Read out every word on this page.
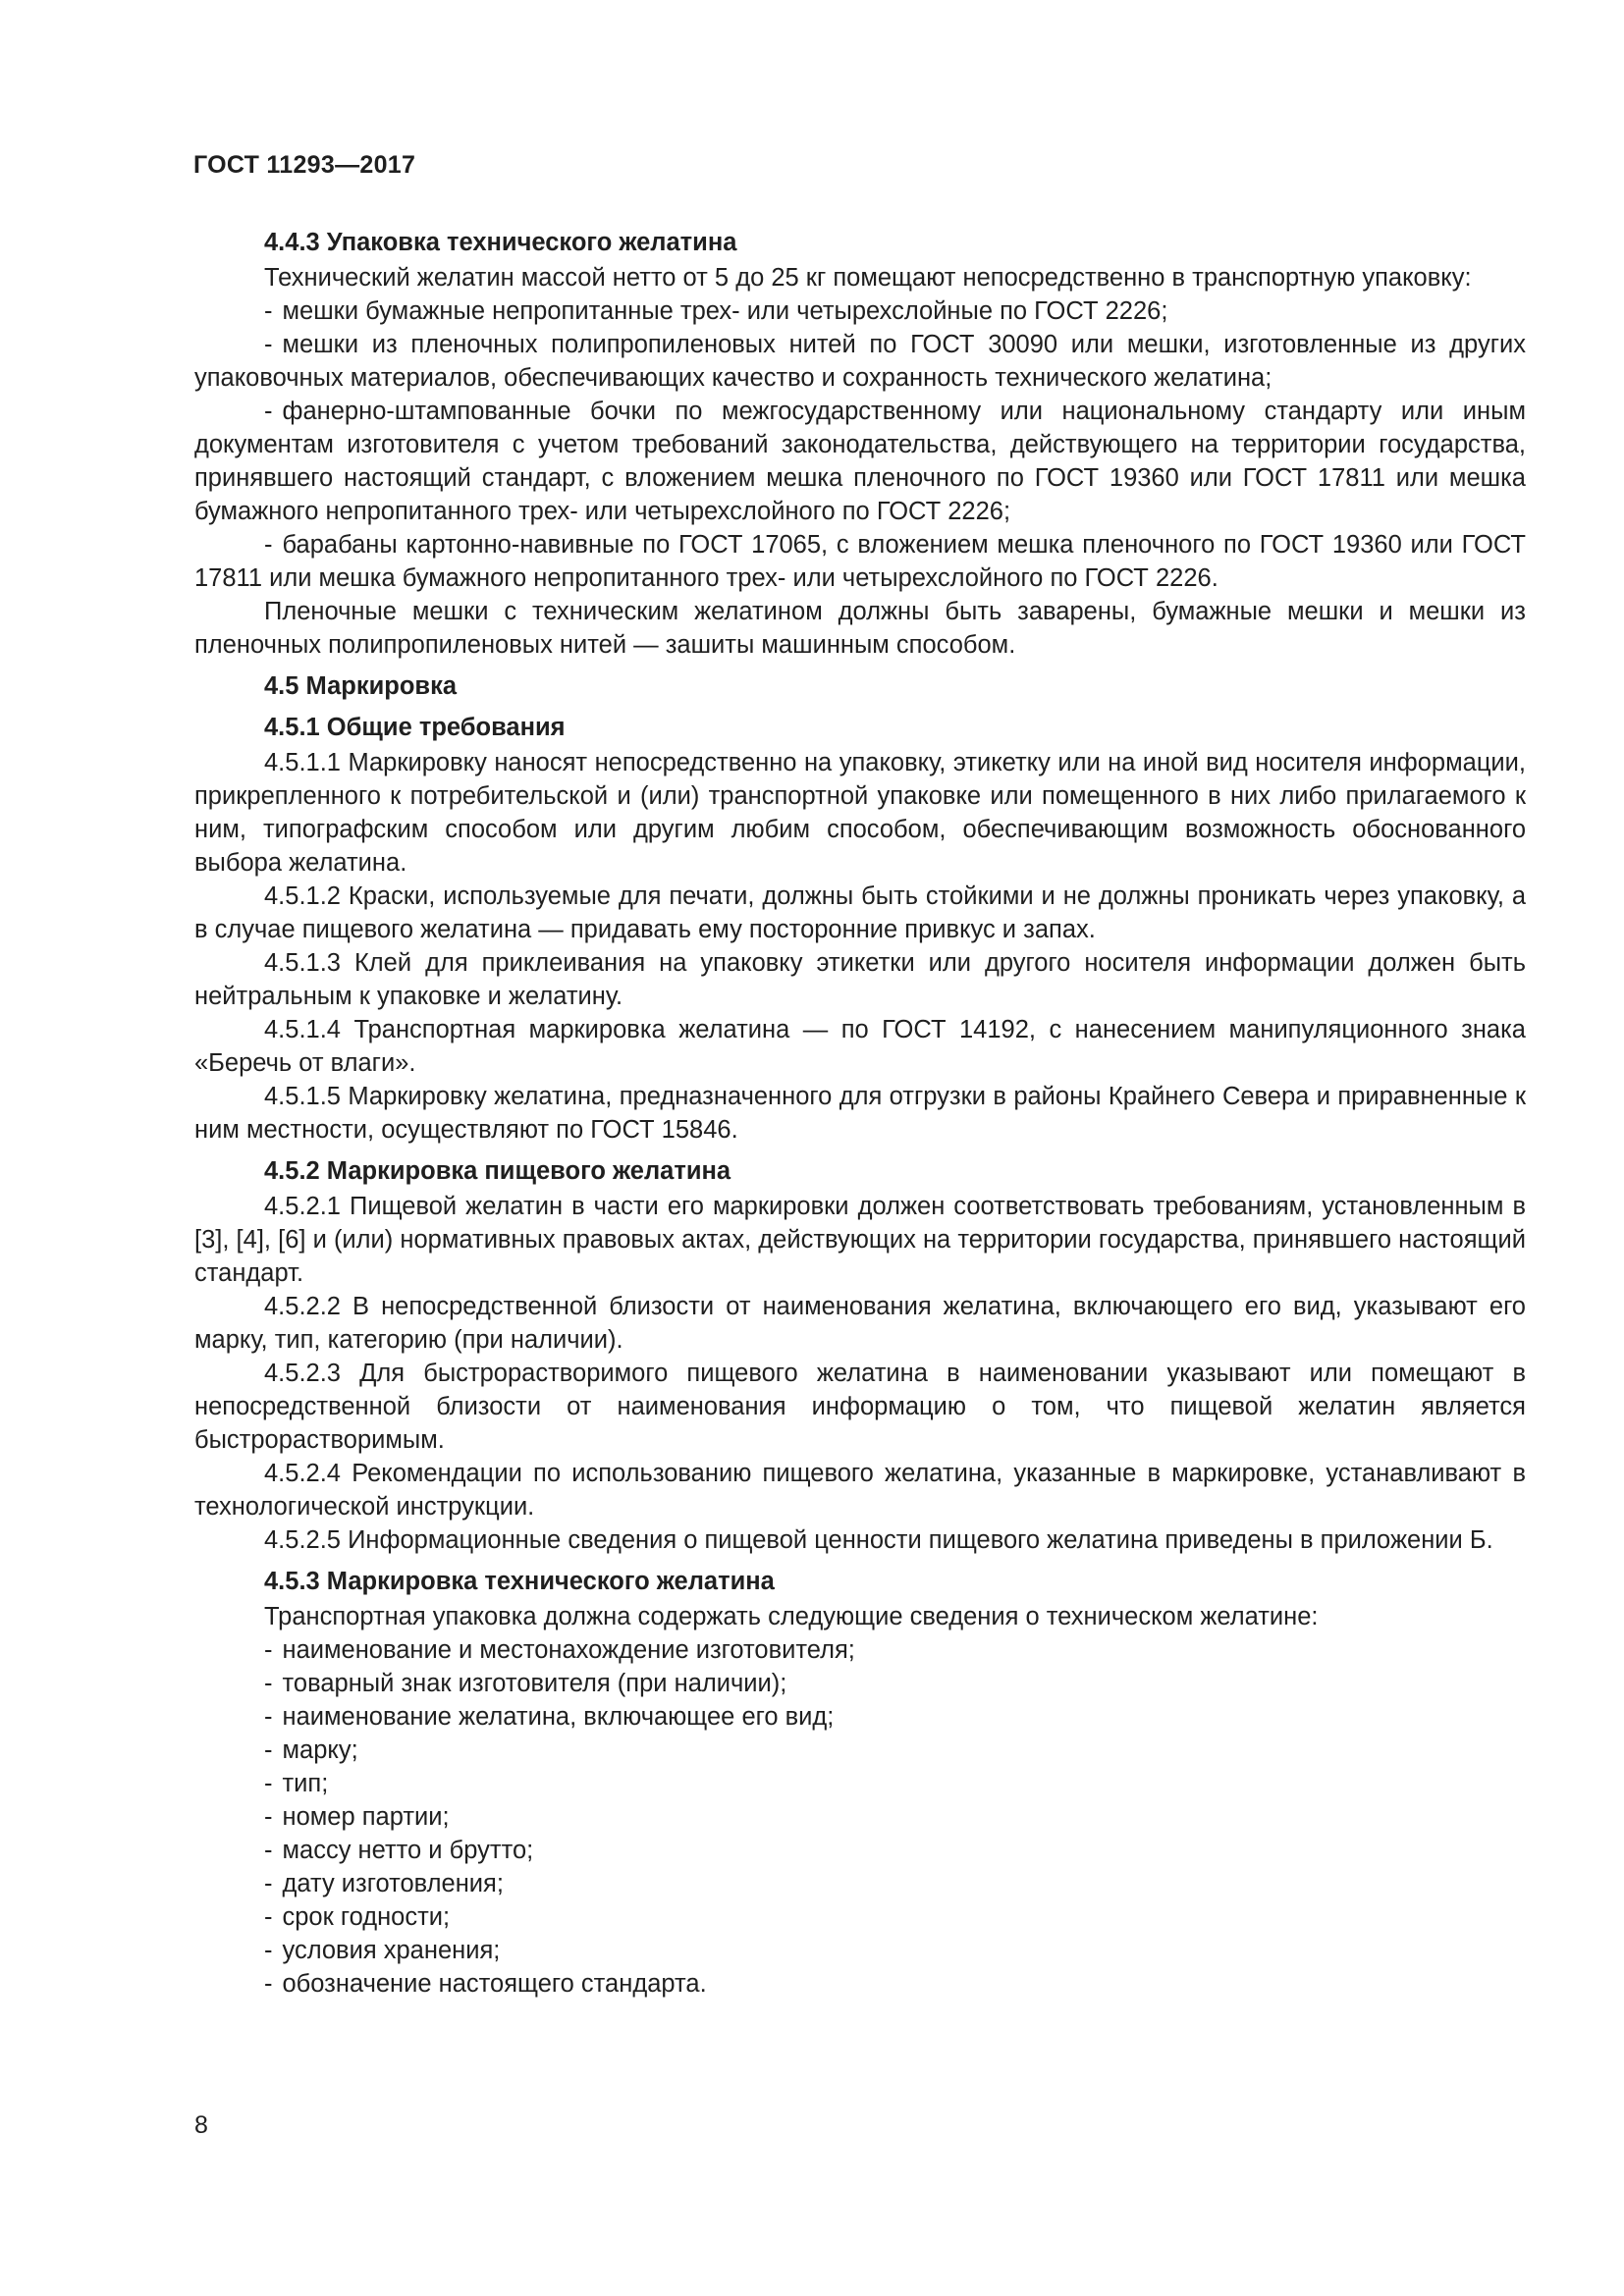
ГОСТ 11293—2017
4.4.3 Упаковка технического желатина

Технический желатин массой нетто от 5 до 25 кг помещают непосредственно в транспортную упаковку:

- мешки бумажные непропитанные трех- или четырехслойные по ГОСТ 2226;
- мешки из пленочных полипропиленовых нитей по ГОСТ 30090 или мешки, изготовленные из других упаковочных материалов, обеспечивающих качество и сохранность технического желатина;
- фанерно-штампованные бочки по межгосударственному или национальному стандарту или иным документам изготовителя с учетом требований законодательства, действующего на территории государства, принявшего настоящий стандарт, с вложением мешка пленочного по ГОСТ 19360 или ГОСТ 17811 или мешка бумажного непропитанного трех- или четырехслойного по ГОСТ 2226;
- барабаны картонно-навивные по ГОСТ 17065, с вложением мешка пленочного по ГОСТ 19360 или ГОСТ 17811 или мешка бумажного непропитанного трех- или четырехслойного по ГОСТ 2226.

Пленочные мешки с техническим желатином должны быть заварены, бумажные мешки и мешки из пленочных полипропиленовых нитей — зашиты машинным способом.

4.5 Маркировка
4.5.1 Общие требования

4.5.1.1 Маркировку наносят непосредственно на упаковку, этикетку или на иной вид носителя информации, прикрепленного к потребительской и (или) транспортной упаковке или помещенного в них либо прилагаемого к ним, типографским способом или другим любим способом, обеспечивающим возможность обоснованного выбора желатина.

4.5.1.2 Краски, используемые для печати, должны быть стойкими и не должны проникать через упаковку, а в случае пищевого желатина — придавать ему посторонние привкус и запах.

4.5.1.3 Клей для приклеивания на упаковку этикетки или другого носителя информации должен быть нейтральным к упаковке и желатину.

4.5.1.4 Транспортная маркировка желатина — по ГОСТ 14192, с нанесением манипуляционного знака «Беречь от влаги».

4.5.1.5 Маркировку желатина, предназначенного для отгрузки в районы Крайнего Севера и приравненные к ним местности, осуществляют по ГОСТ 15846.

4.5.2 Маркировка пищевого желатина

4.5.2.1 Пищевой желатин в части его маркировки должен соответствовать требованиям, установленным в [3], [4], [6] и (или) нормативных правовых актах, действующих на территории государства, принявшего настоящий стандарт.

4.5.2.2 В непосредственной близости от наименования желатина, включающего его вид, указывают его марку, тип, категорию (при наличии).

4.5.2.3 Для быстрорастворимого пищевого желатина в наименовании указывают или помещают в непосредственной близости от наименования информацию о том, что пищевой желатин является быстрорастворимым.

4.5.2.4 Рекомендации по использованию пищевого желатина, указанные в маркировке, устанавливают в технологической инструкции.

4.5.2.5 Информационные сведения о пищевой ценности пищевого желатина приведены в приложении Б.

4.5.3 Маркировка технического желатина

Транспортная упаковка должна содержать следующие сведения о техническом желатине:

- наименование и местонахождение изготовителя;
- товарный знак изготовителя (при наличии);
- наименование желатина, включающее его вид;
- марку;
- тип;
- номер партии;
- массу нетто и брутто;
- дату изготовления;
- срок годности;
- условия хранения;
- обозначение настоящего стандарта.
8
